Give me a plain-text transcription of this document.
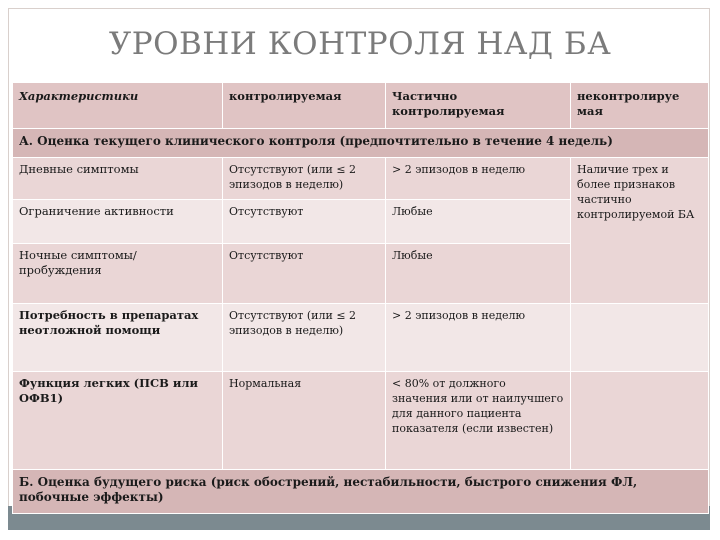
УРОВНИ КОНТРОЛЯ НАД БА
Характеристики	контролируемая	Частично контролируемая	неконтролируе мая
А. Оценка текущего клинического контроля (предпочтительно в течение 4 недель)			
Дневные симптомы	Отсутствуют (или ≤ 2 эпизодов в неделю)	> 2 эпизодов в неделю	Наличие трех и более признаков частично контролируемой БА
Ограничение активности	Отсутствуют	Любые	
Ночные симптомы/пробуждения	Отсутствуют	Любые	
Потребность в препаратах неотложной помощи	Отсутствуют (или ≤ 2 эпизодов в неделю)	> 2 эпизодов в неделю	
Функция легких (ПСВ или ОФВ1)	Нормальная	< 80% от должного значения или от наилучшего для данного пациента показателя (если известен)	
Б. Оценка будущего риска (риск обострений, нестабильности, быстрого снижения ФЛ, побочные эффекты)			
